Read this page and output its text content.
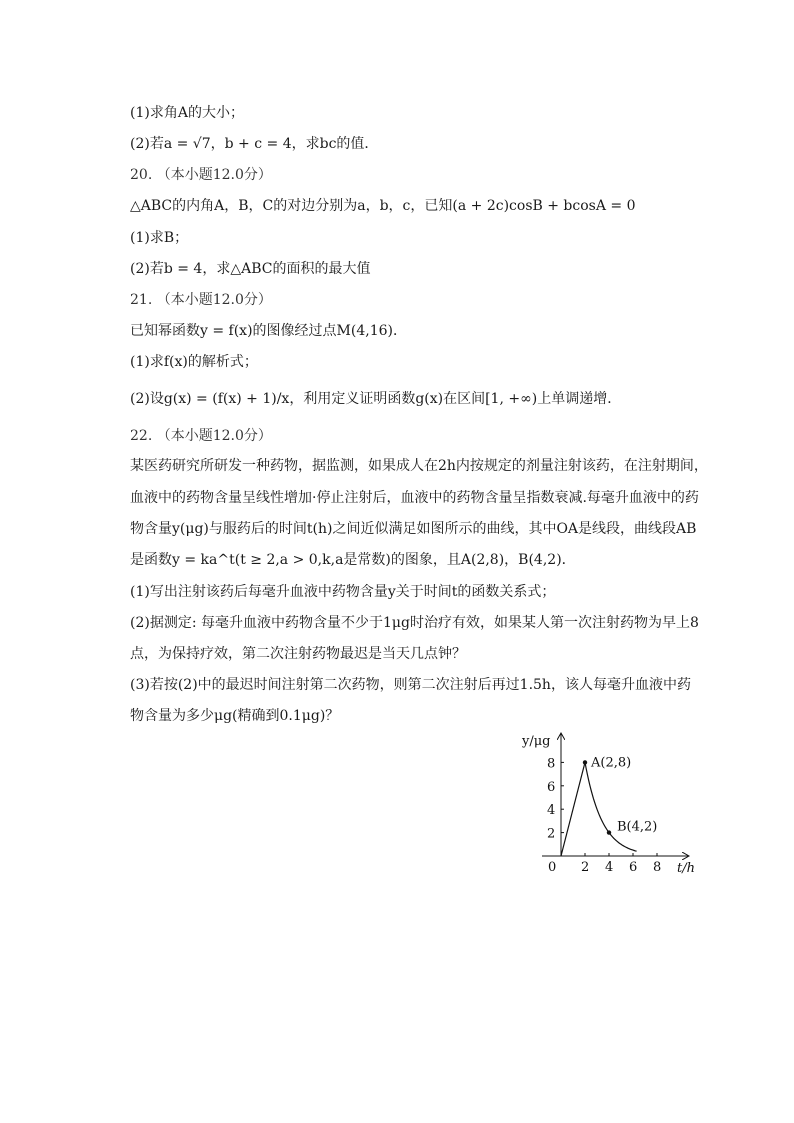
(1)求角A的大小；
(2)若a = √7，b + c = 4，求bc的值．
20. （本小题12.0分）
△ABC的内角A，B，C的对边分别为a，b，c，已知(a + 2c)cosB + bcosA = 0
(1)求B；
(2)若b = 4，求△ABC的面积的最大值
21. （本小题12.0分）
已知幂函数y = f(x)的图像经过点M(4,16)．
(1)求f(x)的解析式；
(2)设g(x) = (f(x) + 1)/x，利用定义证明函数g(x)在区间[1, +∞)上单调递增．
22. （本小题12.0分）
某医药研究所研发一种药物，据监测，如果成人在2h内按规定的剂量注射该药，在注射期间，
血液中的药物含量呈线性增加·停止注射后，血液中的药物含量呈指数衰减.每毫升血液中的药
物含量y(μg)与服药后的时间t(h)之间近似满足如图所示的曲线，其中OA是线段，曲线段AB
是函数y = ka^t(t ≥ 2,a > 0,k,a是常数)的图象，且A(2,8)，B(4,2)．
(1)写出注射该药后每毫升血液中药物含量y关于时间t的函数关系式；
(2)据测定: 每毫升血液中药物含量不少于1μg时治疗有效，如果某人第一次注射药物为早上8
点，为保持疗效，第二次注射药物最迟是当天几点钟？
(3)若按(2)中的最迟时间注射第二次药物，则第二次注射后再过1.5h，该人每毫升血液中药
物含量为多少μg(精确到0.1μg)？
y/μg
t/h
0
2
4
6
8
2 4 6 8
A(2,8)
B(4,2)
